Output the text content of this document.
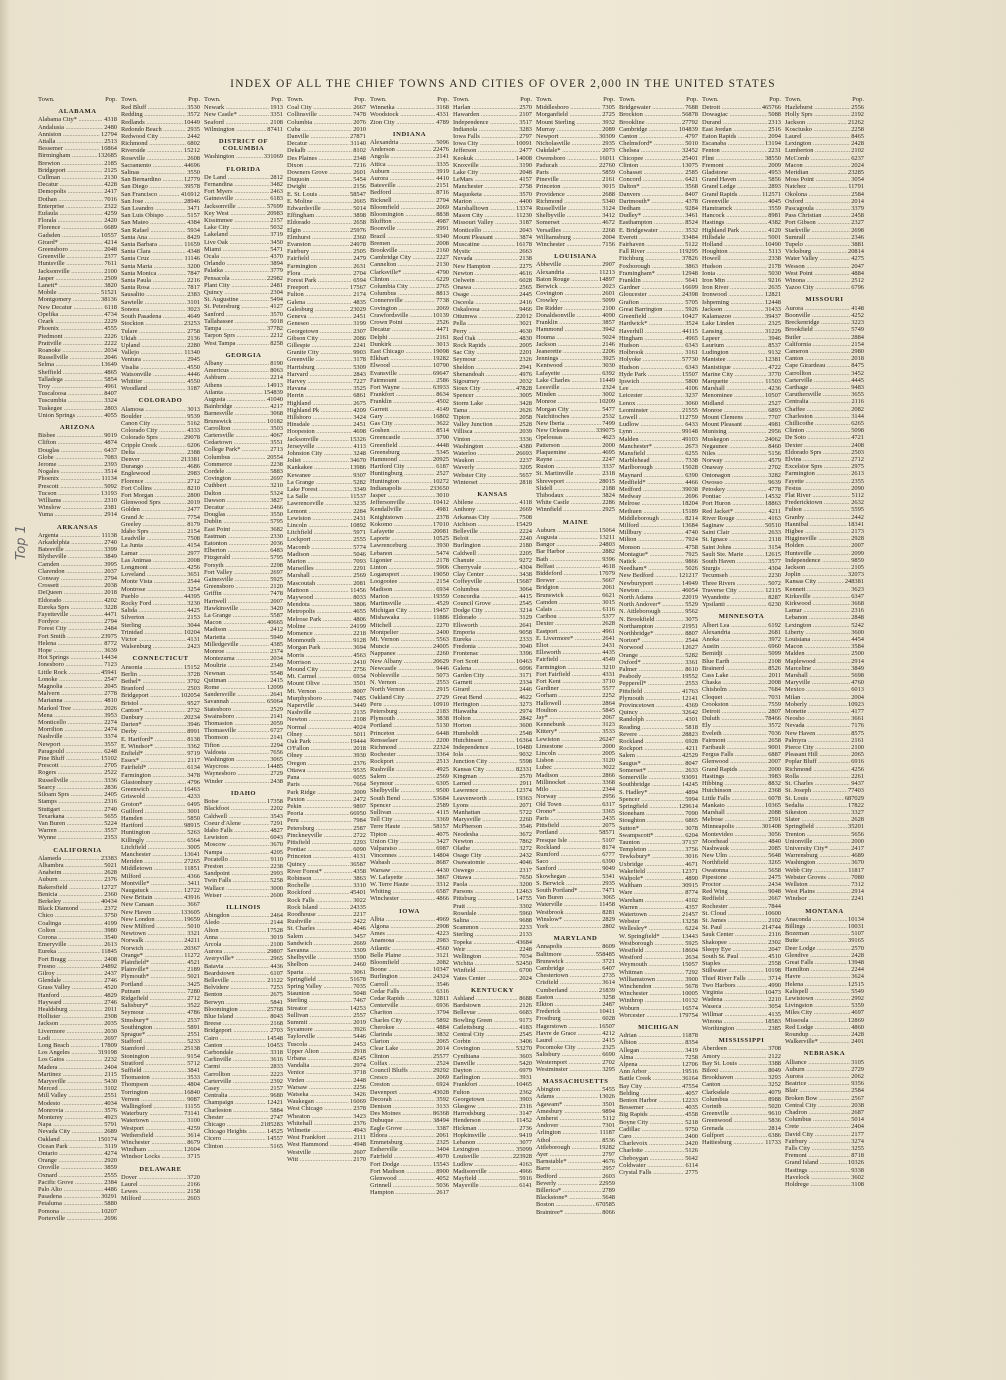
INDEX OF ALL THE CHIEF TOWNS AND CITIES OF OVER 2,000 IN THE UNITED STATES
Top 1
Town.	Pop.
ALABAMA
Alabama City* .....	4318
Andalusia .....	2480
Anniston .....	12794
Attalla .....	2513
Bessemer .....	10864
Birmingham .....	132685
Brewton .....	2185
Bridgeport .....	2125
Cullman .....	2130
Decatur .....	4228
Demopolis .....	2417
Dothan .....	7016
Enterprise .....	2322
Eufaula .....	4259
Florala .....	2420
Florence .....	6689
Gadsden .....	10557
Girard* .....	4214
Greensboro .....	2048
Greenville .....	2377
Huntsville .....	7611
Jacksonville .....	2100
Jasper .....	2509
Lanett* .....	3820
Mobile .....	51521
Montgomery .....	38136
New Decatur .....	6118
Opelika .....	4734
Ozark .....	2229
Phoenix .....	4555
Piedmont .....	2226
Prattville .....	2222
Roanoke .....	2034
Russellville .....	2046
Selma .....	13649
Sheffield .....	4865
Talladega .....	5854
Troy .....	4961
Tuscaloosa .....	8407
Tuscumbia .....	3324
Tuskegee .....	2803
Union Springs .....	4055
ARIZONA
Bisbee .....	9019
Clifton .....	4874
Douglas .....	6437
Globe .....	7083
Jerome .....	2393
Nogales .....	3514
Phoenix .....	11134
Prescott .....	5092
Tucson .....	13193
Williams .....	2310
Winslow .....	2381
Yuma .....	2914
ARKANSAS
Argenta .....	11138
Arkadelphia .....	2740
Batesville .....	3399
Blytheville .....	3849
Camden .....	3995
Clarendon .....	2037
Conway .....	2794
Crossett .....	2038
DeQueen .....	2018
Eldorado .....	4202
Eureka Sprs .....	3228
Fayetteville .....	4471
Fordyce .....	2794
Forest City .....	2484
Fort Smith .....	23975
Helena .....	8772
Hope .....	3639
Hot Springs .....	14434
Jonesboro .....	7123
Little Rock .....	45941
Lonoke .....	2547
Magnolia .....	2045
Malvern .....	2778
Marianna .....	4810
Marked Tree .....	2026
Mena .....	3953
Monticello .....	2274
Morrilton .....	2474
Nashville .....	3374
Newport .....	3557
Paragould .....	6248
Pine Bluff .....	15102
Prescott .....	2705
Rogers .....	2522
Russellville .....	3336
Searcy .....	2836
Siloam Sprs .....	2405
Stamps .....	2316
Stuttgart .....	2740
Texarkana .....	5655
Van Buren .....	5224
Warren .....	3557
Wynne .....	2353
CALIFORNIA
Alameda .....	23383
Alhambra .....	5021
Anaheim .....	2628
Auburn .....	2376
Bakersfield .....	12727
Benicia .....	2360
Berkeley .....	40434
Black Diamond .....	2372
Chico .....	3750
Coalinga .....	4199
Colton .....	3980
Corona .....	3540
Emeryville .....	2613
Eureka .....	11845
Fort Bragg .....	2408
Fresno .....	24892
Gilroy .....	2437
Glendale .....	2746
Grass Valley .....	4520
Hanford .....	4829
Hayward .....	2746
Healdsburg .....	2011
Hollister .....	2308
Jackson .....	2035
Livermore .....	2030
Lodi .....	2697
Long Beach .....	17809
Los Angeles .....	319198
Los Gatos .....	2232
Madera .....	2404
Martinez .....	2115
Marysville .....	5430
Merced .....	3102
Mill Valley .....	2551
Modesto .....	4034
Monrovia .....	3576
Monterey .....	4923
Napa .....	5791
Nevada City .....	2689
Oakland .....	150174
Ocean Park .....	3119
Ontario .....	4274
Orange .....	2920
Oroville .....	3859
Oxnard .....	2555
Pacific Grove .....	2384
Palo Alto .....	4486
Pasadena .....	30291
Petaluma .....	5880
Pomona .....	10207
Porterville .....	2696
Town.	Pop.
Red Bluff .....	3530
Redding .....	3572
Redlands .....	10449
Redondo Beach .....	2935
Redwood City .....	2442
Richmond .....	6802
Riverside .....	15212
Roseville .....	2608
Sacramento .....	44696
Salinas .....	3550
San Bernardino .....	12779
San Diego .....	39578
San Francisco .....	416912
San Jose .....	28946
San Leandro .....	3471
San Luis Obispo .....	5157
San Mateo .....	4384
San Rafael .....	5934
Santa Ana .....	8429
Santa Barbara .....	11659
Santa Clara .....	4348
Santa Cruz .....	11146
Santa Maria .....	3200
Santa Monica .....	7847
Santa Paula .....	2216
Santa Rosa .....	7817
Sausalito .....	2383
Sawtelle .....	3101
Sonora .....	3023
South Pasadena .....	4649
Stockton .....	23253
Tulare .....	2758
Ukiah .....	2136
Upland .....	2280
Vallejo .....	11340
Ventura .....	2945
Visalia .....	4550
Watsonville .....	4446
Whittier .....	4550
Woodland .....	3187
COLORADO
Alamosa .....	3013
Boulder .....	9539
Canon City .....	5162
Colorado City .....	4333
Colorado Sprs .....	29078
Cripple Creek .....	6206
Delta .....	2388
Denver .....	213381
Durango .....	4686
Englewood .....	2983
Florence .....	2712
Fort Collins .....	8210
Fort Morgan .....	2800
Glenwood Sprs .....	2019
Golden .....	2477
Grand Jc .....	7754
Greeley .....	8179
Idaho Sprs .....	2154
Leadville .....	7508
La Junta .....	4154
Lamar .....	2977
Las Animas .....	2008
Longmont .....	4256
Loveland .....	3651
Monte Vista .....	2544
Montrose .....	3254
Pueblo .....	44395
Rocky Ford .....	3230
Salida .....	4425
Silverton .....	2153
Sterling .....	3044
Trinidad .....	10204
Victor .....	4131
Walsenburg .....	2423
CONNECTICUT
Ansonia .....	15152
Berlin .....	3728
Bethel* .....	3792
Branford .....	2503
Bridgeport .....	102054
Bristol .....	9527
Canton* .....	2732
Danbury .....	20234
Darien* .....	3946
Derby .....	8991
E. Hartford* .....	8138
E. Windsor* .....	3362
Enfield* .....	9719
Essex* .....	2117
Fairfield* .....	6134
Farmington .....	3478
Glastonbury .....	4796
Greenwich .....	16463
Griswold .....	4233
Groton* .....	6495
Guilford .....	3001
Hamden .....	5850
Hartford .....	98915
Huntington .....	5263
Killingly .....	6564
Litchfield .....	3005
Manchester .....	13641
Meriden .....	27265
Middletown .....	11851
Milford .....	4366
Montville* .....	3411
Naugatuck .....	12722
New Britain .....	43916
New Canaan .....	3667
New Haven .....	133605
New London .....	19659
New Milford .....	5010
Newtown .....	3321
Norwalk .....	24211
Norwich .....	20367
Orange* .....	11272
Plainfield* .....	4521
Plainville* .....	2189
Plymouth* .....	5021
Portland .....	3425
Putnam .....	7280
Ridgefield .....	2712
Salisbury* .....	3522
Seymour .....	4786
Simsbury* .....	2537
Southington .....	5891
Sprague* .....	2551
Stafford .....	5233
Stamford .....	25138
Stonington .....	9154
Stratford .....	5712
Suffield .....	3841
Thomaston .....	3533
Thompson .....	4804
Torrington .....	16840
Vernon .....	9087
Wallingford .....	11155
Waterbury .....	73141
Watertown .....	3100
Westport .....	4259
Wethersfield .....	3614
Winchester .....	8679
Windham .....	12604
Windsor Locks .....	3715
DELAWARE
Dover .....	3720
Laurel .....	2166
Lewes .....	2158
Milford .....	2603
Town.	Pop.
Newark .....	1913
New Castle* .....	3351
Seaford .....	2108
Wilmington .....	87411
DISTRICT OF COLUMBIA
Washington .....	331069
FLORIDA
De Land .....	2812
Fernandina .....	3482
Fort Myers .....	2463
Gainesville .....	6183
Jacksonville .....	57699
Key West .....	20983
Kissimmee .....	2157
Lake City .....	5032
Lakeland .....	3719
Live Oak .....	3450
Miami .....	5471
Ocala .....	4370
Orlando .....	3894
Palatka .....	3779
Pensacola .....	22982
Plant City .....	2481
Quincy .....	2304
St. Augustine .....	5494
St. Petersburg .....	4127
Sanford .....	3570
Tallahassee .....	5018
Tampa .....	37782
Tarpon Sprs .....	2212
West Tampa .....	8258
GEORGIA
Albany .....	8190
Americus .....	8063
Ashburn .....	2214
Athens .....	14913
Atlanta .....	154839
Augusta .....	41040
Bainbridge .....	4217
Barnesville .....	3068
Brunswick .....	10182
Carrollton .....	3503
Cartersville .....	4067
Cedartown .....	3551
College Park* .....	2713
Columbus .....	20554
Commerce .....	2238
Cordele .....	5883
Covington .....	2697
Cuthbert .....	3210
Dalton .....	5324
Dawson .....	3827
Decatur .....	2466
Douglas .....	3550
Dublin .....	5795
East Point .....	3682
Eastman .....	2330
Eatonton .....	2036
Elberton .....	6483
Fitzgerald .....	5795
Forsyth .....	2298
Fort Valley .....	2697
Gainesville .....	5925
Greensboro .....	2120
Griffin .....	7478
Hartwell .....	2007
Hawkinsville .....	3420
La Grange .....	5587
Macon .....	40665
Madison .....	2412
Marietta .....	5949
Milledgeville .....	4385
Monroe .....	2374
Montezuma .....	2034
Moultrie .....	2349
Newnan .....	5548
Quitman .....	2415
Rome .....	12099
Sandersville .....	2641
Savannah .....	65064
Statesboro .....	2529
Swainsboro .....	2141
Thomaston .....	2059
Thomasville .....	6727
Thomson .....	2141
Tifton .....	2294
Valdosta .....	7656
Washington .....	3065
Waycross .....	14485
Waynesboro .....	2729
Winder .....	2438
IDAHO
Boise .....	17358
Blackfoot .....	2202
Caldwell .....	3543
Coeur d'Alene .....	7291
Idaho Falls .....	4827
Lewiston .....	6043
Moscow .....	3670
Nampa .....	4205
Pocatello .....	9110
Preston .....	2238
Sandpoint .....	2993
Twin Falls .....	5258
Wallace .....	3000
Weiser .....	2600
ILLINOIS
Abingdon .....	2464
Aledo .....	2144
Alton .....	17528
Anna .....	3019
Arcola .....	2100
Aurora .....	29807
Averyville* .....	2965
Batavia .....	4436
Beardstown .....	6107
Belleville .....	21122
Belvidere .....	7253
Benton .....	2675
Berwyn .....	5841
Bloomington .....	25768
Blue Island .....	8043
Breese .....	2168
Bridgeport .....	2703
Cairo .....	14548
Canton .....	10453
Carbondale .....	3318
Carlinville .....	3616
Carmi .....	2833
Carrollton .....	2223
Carterville .....	2392
Casey .....	2157
Centralia .....	9680
Champaign .....	12421
Charleston .....	5884
Chester .....	2747
Chicago .....	2185283
Chicago Heights .....	14525
Cicero .....	14557
Clinton .....	5165
Town.	Pop.
Coal City .....	2667
Collinsville .....	7478
Columbia .....	2076
Cuba .....	2010
Danville .....	27871
Decatur .....	31140
Dekalb .....	8102
Des Plaines .....	2348
Dixon .....	7216
Downers Grove .....	2601
Duquoin .....	5454
Dwight .....	2156
E. St. Louis .....	58547
E. Moline .....	2665
Edwardsville .....	5014
Effingham .....	3898
Eldorado .....	2658
Elgin .....	25976
Elmhurst .....	2360
Evanston .....	24978
Fairbury .....	2505
Fairfield .....	2479
Farmington .....	2631
Flora .....	2704
Forest Park .....	6594
Freeport .....	17567
Fulton .....	2174
Galena .....	4835
Galesburg .....	23029
Geneva .....	2451
Geneseo .....	3199
Georgetown .....	2307
Gibson City .....	2086
Gillespie .....	2241
Granite City .....	9903
Greenville .....	3178
Harrisburg .....	5309
Harvard .....	2843
Harvey .....	7227
Havana .....	3525
Herrin .....	6861
Highland .....	2675
Highland Pk .....	4209
Hillsboro .....	3424
Hinsdale .....	2451
Hoopeston .....	4698
Jacksonville .....	15326
Jerseyville .....	4113
Johnston City .....	3248
Joliet .....	34670
Kankakee .....	13986
Kewanee .....	9307
La Grange .....	5282
Lake Forest .....	3349
La Salle .....	11537
Lawrenceville .....	3235
Lemont .....	2284
Lewiston .....	2431
Lincoln .....	10892
Litchfield .....	5971
Lockport .....	2555
Macomb .....	5774
Madison .....	5046
Marion .....	7093
Marseilles .....	2291
Marshall .....	2569
Mascoutah .....	2081
Mattoon .....	11456
Maywood .....	8033
Mendota .....	3806
Metropolis .....	4655
Melrose Park .....	4806
Moline .....	24199
Momence .....	2218
Monmouth .....	9128
Morgan Park .....	3694
Morris .....	4563
Morrison .....	2410
Mound City .....	2756
Mt. Carmel .....	6934
Mount Olive .....	3501
Mt. Vernon .....	8007
Murphysboro .....	7485
Naperville .....	3449
Nashville .....	2135
Newton .....	2108
Normal .....	4024
Olney .....	5011
Oak Park .....	19444
O'Fallon .....	2018
Olney .....	3930
Oregon .....	2376
Ottawa .....	9535
Pana .....	6055
Paris .....	7664
Park Ridge .....	2009
Paxton .....	2472
Pekin .....	9897
Peoria .....	66950
Peru .....	7984
Petersburg .....	2587
Pinckneyville .....	2722
Pittsfield .....	2293
Pontiac .....	6090
Princeton .....	4131
Quincy .....	36587
River Forest* .....	4358
Robinson .....	3863
Rochelle .....	3310
Rockford .....	45401
Rock Falls .....	3022
Rock Island .....	24335
Roodhouse .....	2217
Rushville .....	2422
St. Charles .....	4046
Salem .....	3457
Sandwich .....	2669
Savanna .....	3309
Shelbyville .....	3590
Shelbon .....	2460
Sparta .....	3061
Springfield .....	51678
Spring Valley .....	7035
Staunton .....	5048
Sterling .....	7467
Streator .....	14253
Sullivan .....	2557
Summit .....	2019
Sycamore .....	3926
Taylorville .....	5446
Tuscola .....	2453
Upper Alton .....	2918
Urbana .....	8245
Vandalia .....	2974
Venice .....	3718
Virden .....	2448
Warsaw .....	2256
Watseka .....	3426
Waukegan .....	16069
West Chicago .....	2378
Wheaton .....	3423
Whitehall .....	2376
Wilmette .....	4943
West Frankfort .....	2111
West Hammond .....	4948
Westville .....	2607
Witt .....	2170
Town.	Pop.
Winnetka .....	3168
Woodstock .....	4331
Zion City .....	4789
INDIANA
Alexandria .....	5096
Anderson .....	22476
Angola .....	2141
Attica .....	3335
Auburn .....	3919
Aurora .....	4410
Batesville .....	2151
Bedford .....	8716
Bicknell .....	2794
Bloomfield .....	2069
Bloomington .....	8838
Bluffton .....	4987
Boonville .....	2991
Brazil .....	9340
Bremen .....	2008
Brookville .....	2160
Cambridge City .....	2227
Cannelton .....	2130
Clarksville* .....	4790
Clinton .....	6229
Columbia City .....	2765
Columbus .....	8813
Connersville .....	7738
Covington .....	2069
Crawfordsville .....	10139
Crown Point .....	2526
Decatur .....	4471
Delphi .....	2161
Dunkirk .....	3013
East Chicago .....	19098
Elkhart .....	19282
Elwood .....	10790
Evansville .....	69647
Fairmount .....	2586
Fort Wayne .....	63933
Frankfort .....	8634
Franklin .....	4502
Garrett .....	4149
Gary .....	16802
Gas City .....	3622
Goshen .....	8514
Greencastle .....	3790
Greenfield .....	4448
Greensburg .....	5345
Hammond .....	20925
Hartford City .....	6187
Huntingburg .....	2527
Huntington .....	10272
Indianapolis .....	233650
Jasper .....	3010
Jeffersonville .....	10412
Kendallville .....	4981
Knightstown .....	2378
Kokomo .....	17010
Lafayette .....	20081
Laporte .....	10525
Lawrenceburg .....	3930
Lebanon .....	5474
Ligonier .....	2178
Linton .....	5906
Logansport .....	19050
Loogootee .....	2154
Madison .....	6934
Marion .....	19359
Martinsville .....	4529
Michigan City .....	19457
Mishawaka .....	11886
Mitchell .....	2270
Montpelier .....	2400
Mt. Vernon .....	5563
Muncie .....	24005
Nappanee .....	2260
New Albany .....	20629
Newcastle .....	9446
Noblesville .....	5073
N. Vernon .....	2553
North Vernon .....	2915
Oakland City .....	2729
Peru .....	10910
Petersburg .....	2183
Plymouth .....	3838
Portland .....	5130
Princeton .....	6448
Rensselaer .....	2200
Richmond .....	22324
Rochester .....	3364
Rockport .....	2513
Rushville .....	4925
Salem .....	2569
Seymour .....	6305
Shelbyville .....	9500
South Bend .....	53684
Spencer .....	2589
Sullivan .....	4115
Tell City .....	3369
Terre Haute .....	58157
Tipton .....	4075
Union City .....	3427
Valparaiso .....	6987
Vincennes .....	14804
Wabash .....	8687
Warsaw .....	4430
W. Lafayette .....	3867
W. Terre Haute .....	3312
Whiting .....	6587
Winchester .....	4866
IOWA
Albia .....	4969
Algona .....	2908
Ames .....	4223
Anamosa .....	2983
Atlantic .....	4560
Belle Plaine .....	3121
Bloomfield .....	2082
Boone .....	10347
Burlington .....	24324
Carroll .....	3546
Cedar Falls .....	6316
Cedar Rapids .....	32811
Centerville .....	6936
Chariton .....	3794
Charles City .....	5892
Cherokee .....	4884
Clarinda .....	3832
Clarion .....	2065
Clear Lake .....	2014
Clinton .....	25577
Colfax .....	2524
Council Bluffs .....	29292
Cresco .....	2069
Creston .....	6924
Davenport .....	43028
Decorah .....	3592
Denison .....	3133
Des Moines .....	86368
Dubuque .....	38494
Eagle Grove .....	3387
Eldora .....	2061
Emmetsburg .....	2325
Estherville .....	3404
Fairfield .....	4970
Fort Dodge .....	15543
Fort Madison .....	8900
Glenwood .....	4052
Grinnell .....	5036
Hampton .....	2617
Town.	Pop.
Harlan .....	2570
Hawarden .....	2107
Independence .....	3517
Indianola .....	3283
Iowa Falls .....	2797
Iowa City .....	10091
Jefferson .....	2477
Keokuk .....	14008
Knoxville .....	3190
Lake City .....	2048
LeMars .....	4157
Manchester .....	2758
Maquoketa .....	3570
Marion .....	4400
Marshalltown .....	13374
Mason City .....	11230
Missouri Valley .....	3187
Monticello .....	2043
Mount Pleasant .....	3874
Muscatine .....	16178
Mystic .....	2663
Nevada .....	2138
New Hampton .....	2275
Newton .....	4616
Oelwein .....	6028
Onawa .....	2565
Osage .....	2445
Osceola .....	2416
Oskaloosa .....	9466
Ottumwa .....	22012
Pella .....	3021
Perry .....	4630
Red Oak .....	4830
Rock Rapids .....	2005
Sac City .....	2201
Seymour .....	2326
Sheldon .....	2941
Shenandoah .....	4976
Sigourney .....	2032
Sioux City .....	47828
Spencer .....	3005
Storm Lake .....	3428
Tama .....	2626
Tipton .....	2058
Valley Junction .....	2528
Villisca .....	2039
Vinton .....	3336
Washington .....	4380
Waterloo .....	26693
Waukon .....	2237
Waverly .....	3205
Webster City .....	5657
Winterset .....	2818
KANSAS
Abilene .....	4118
Anthony .....	2669
Arkansas City .....	7508
Atchison .....	15429
Belleville .....	2224
Beloit .....	2240
Burlington .....	2180
Caldwell .....	2205
Chanute .....	9272
Cherryvale .....	4304
Clay Center .....	3438
Coffeyville .....	15687
Columbus .....	3064
Concordia .....	4415
Council Grove .....	2545
Dodge City .....	3214
Eldorado .....	3129
Ellsworth .....	2641
Emporia .....	9058
Eureka .....	2333
Fredonia .....	3040
Frontenac .....	3396
Fort Scott .....	10463
Galena .....	6096
Garden City .....	3171
Garnett .....	2334
Girard .....	2446
Great Bend .....	4622
Herington .....	3273
Hiawatha .....	2974
Holton .....	2842
Horton .....	3600
Humboldt .....	2548
Hutchinson .....	16364
Independence .....	10480
Iola .....	9032
Junction City .....	5598
Kansas City .....	82331
Kingman .....	2570
Larned .....	2911
Lawrence .....	12374
Leavenworth .....	19363
Lyons .....	2071
Manhattan .....	5722
Marysville .....	2260
McPherson .....	3546
Neodesha .....	3672
Newton .....	7862
Olathe .....	3272
Osage City .....	2432
Osawatomie .....	4046
Oswego .....	2317
Ottawa .....	7650
Paola .....	3200
Parsons .....	12463
Pittsburg .....	14755
Pratt .....	3302
Rosedale .....	5960
Salina .....	9688
Scammon .....	2233
Sterling .....	2133
Topeka .....	43684
Weir .....	2248
Wellington .....	7034
Wichita .....	52450
Winfield .....	6700
Yates Center .....	2024
KENTUCKY
Ashland .....	8688
Bardstown .....	2126
Bellevue .....	6683
Bowling Green .....	9173
Catlettsburg .....	4183
Central City .....	2545
Corbin .....	3406
Covington .....	53270
Cynthiana .....	3603
Danville .....	5420
Dayton .....	6979
Earlington .....	3931
Frankfort .....	10465
Fulton .....	2362
Georgetown .....	3903
Glasgow .....	2316
Harrodsburg .....	3147
Henderson .....	11452
Hickman .....	2736
Hopkinsville .....	9419
Lebanon .....	3077
Lexington .....	35099
Louisville .....	223928
Ludlow .....	4163
Madisonville .....	4966
Mayfield .....	5916
Maysville .....	6141
Town.	Pop.
Middlesboro .....	7305
Morganfield .....	2725
Mount Sterling .....	3932
Murray .....	2089
Newport .....	30309
Nicholasville .....	2935
Oakdale* .....	2073
Owensboro .....	16011
Paducah .....	22760
Paris .....	5859
Pineville .....	2161
Princeton .....	3015
Providence .....	2688
Richmond .....	5340
Russellville .....	3124
Shelbyville .....	3412
Somerset .....	4672
Versailles .....	2268
Williamsburg .....	2004
Winchester .....	7156
LOUISIANA
Abbeville .....	2907
Alexandria .....	11213
Baton Rouge .....	14897
Berwick .....	2023
Covington .....	2601
Crowley .....	5099
De Ridder .....	2100
Donaldsonville .....	4090
Franklin .....	3857
Hammond .....	3942
Houma .....	5024
Jackson .....	2146
Jeanerette .....	2206
Jennings .....	3925
Kentwood .....	3030
Lafayette .....	6392
Lake Charles .....	11449
Leesville .....	2324
Minden .....	3002
Monroe .....	10209
Morgan City .....	5477
Natchitoches .....	2532
New Iberia .....	7499
New Orleans .....	339075
Opelousas .....	4623
Patterson .....	2000
Plaquemine .....	4695
Rayne .....	2247
Ruston .....	3337
St. Martinville .....	2318
Shreveport .....	28015
Slidell .....	2188
Thibodaux .....	3824
White Castle .....	2286
Winnfield .....	2925
MAINE
Auburn .....	15064
Augusta .....	13211
Bangor .....	24803
Bar Harbor .....	2882
Bath .....	9396
Belfast .....	4618
Biddeford .....	17079
Brewer .....	5667
Bridgton .....	2061
Brunswick .....	6621
Camden .....	3015
Calais .....	6116
Caribou .....	5377
Dexter .....	2628
Eastport .....	4961
E. Livermore* .....	2641
Eliot .....	2431
Ellsworth .....	4435
Fairfield .....	4549
Farmington .....	3210
Fort Fairfield .....	4331
Fort Kent .....	3710
Gardiner .....	5577
Gorham .....	2252
Hallowell .....	2864
Houlton .....	5845
Jay* .....	2067
Kennebunk .....	3123
Kittery* .....	3533
Lewiston .....	26247
Limestone .....	2000
Lincoln .....	2005
Lisbon .....	3120
Lubec .....	3022
Madison .....	2866
Millinocket .....	3368
Milo .....	2344
Norway .....	2956
Old Town .....	6317
Orono* .....	3365
Paris .....	2435
Pittsfield .....	2075
Portland .....	58571
Presque Isle .....	5107
Rockland .....	8174
Rumford .....	6777
Saco .....	6390
Sanford .....	9049
Skowhegan .....	5341
S. Berwick .....	2935
South Portland* .....	7471
Van Buren .....	3065
Waterville .....	11458
Westbrook .....	8281
Winslow* .....	2829
York .....	2802
MARYLAND
Annapolis .....	8609
Baltimore .....	558485
Brunswick .....	3721
Cambridge .....	6407
Chestertown .....	2735
Crisfield .....	3614
Cumberland .....	21839
Easton .....	3258
Elkton .....	2487
Frederick .....	10411
Frostburg .....	6028
Hagerstown .....	16507
Havre de Grace .....	4212
Laurel .....	2415
Pocomoke City .....	2325
Salisbury .....	6690
Westernport .....	2702
Westminster .....	3295
MASSACHUSETTS
Abington .....	5455
Adams .....	13026
Agawam* .....	3501
Amesbury .....	9894
Amherst .....	5112
Andover .....	7301
Arlington .....	11187
Athol .....	8536
Attleborough .....	19282
Ayer .....	2797
Barnstable* .....	4676
Barre .....	2957
Bedford .....	2603
Beverly .....	22959
Billerica* .....	2789
Blackstone* .....	5648
Boston .....	670585
Braintree* .....	8066
Town.	Pop.
Bridgewater .....	7688
Brockton .....	56878
Brookline .....	27792
Cambridge .....	104839
Canton .....	4797
Chelmsford* .....	5010
Chelsea .....	32452
Chicopee .....	25401
Clinton .....	13075
Cohasset .....	2585
Concord .....	6421
Dalton* .....	3568
Danvers .....	8407
Dartmouth* .....	4378
Dedham .....	9284
Dudley* .....	3461
Easthampton .....	8524
E. Bridgewater .....	3532
Everett .....	33484
Fairhaven .....	5122
Fall River .....	119295
Fitchburg .....	37826
Foxborough .....	3863
Framingham* .....	12948
Franklin .....	5641
Gardner .....	16699
Gloucester .....	24398
Grafton .....	5705
Great Barrington .....	5926
Greenfield .....	10427
Hardwick* .....	3524
Haverhill .....	44115
Hingham .....	4965
Hudson .....	6343
Holbrook .....	3161
Holyoke .....	57730
Hudson .....	6343
Hyde Park .....	15507
Ipswich .....	5800
Lee .....	4106
Leicester .....	3237
Lenox .....	3060
Leominster .....	21555
Lowell .....	112759
Ludlow .....	6433
Lynn .....	99148
Malden .....	49103
Manchester* .....	2673
Mansfield .....	6255
Marblehead .....	7338
Marlborough .....	15028
Maynard .....	6390
Medfield* .....	4466
Medford .....	39038
Medway .....	2696
Melrose .....	18204
Methuen .....	15189
Middleborough .....	8214
Milford .....	13684
Millbury .....	4740
Milton .....	7924
Monson .....	4758
Montague* .....	7925
Natick .....	9866
Needham* .....	5026
New Bedford .....	121217
Newburyport .....	14949
Newton .....	46054
North Adams .....	22019
North Andover* .....	5529
N. Attleborough .....	9562
N. Brookfield .....	3075
Northampton .....	21951
Northbridge* .....	8807
Norton* .....	2544
Norwood .....	12627
Orange .....	5282
Oxford* .....	3361
Palmer .....	8610
Peabody .....	19552
Pepperell* .....	2553
Pittsfield .....	41763
Plymouth .....	12141
Provincetown .....	4369
Quincy .....	32642
Randolph .....	4301
Reading .....	5818
Revere .....	28823
Rockland .....	6928
Rockport .....	4211
Salem .....	42529
Saugus* .....	8047
Somerset* .....	2633
Somerville .....	93091
Southbridge .....	14245
S. Hadley* .....	4894
Spencer .....	5994
Springfield .....	129614
Stoneham .....	7090
Stoughton .....	6865
Sutton* .....	3078
Swampscott* .....	6204
Taunton .....	37137
Templeton .....	3756
Tewksbury* .....	3016
Uxbridge .....	4671
Wakefield .....	12371
Walpole* .....	4890
Waltham .....	30915
Ware .....	8774
Wareham .....	4102
Warren .....	4357
Watertown .....	21457
Webster .....	13258
Wellesley* .....	6224
W. Springfield* .....	13443
Westborough .....	5925
Westfield .....	18604
Westford .....	2634
Weymouth .....	15057
Whitman .....	7292
Williamstown .....	3900
Winchendon .....	5678
Winchester .....	10005
Winthrop .....	10132
Woburn .....	16574
Worcester .....	179754
MICHIGAN
Adrian .....	11878
Albion .....	8354
Allegan .....	3419
Alma .....	7258
Alpena .....	12706
Ann Arbor .....	19516
Battle Creek .....	36164
Bay City .....	47554
Belding .....	4057
Benton Harbor .....	12233
Bessemer .....	4035
Big Rapids .....	4558
Boyne City .....	5218
Cadillac .....	9750
Caro .....	2400
Charlevoix .....	2420
Charlotte .....	5126
Cheboygan .....	5642
Coldwater .....	6114
Crystal Falls .....	2775
Town.	Pop.
Detroit .....	465766
Dowagiac .....	5088
Durand .....	2313
East Jordan .....	2516
Eaton Rapids .....	2094
Escanaba .....	13194
Fenton .....	2231
Flint .....	38550
Fremont .....	2009
Gladstone .....	4953
Grand Haven .....	5856
Grand Ledge .....	2893
Grand Rapids .....	112571
Greenville .....	4045
Hamtramck .....	3559
Hancock .....	8981
Hastings .....	4382
Highland Park .....	4120
Hillsdale .....	5001
Holland .....	10490
Houghton .....	5113
Howell .....	2338
Hudson .....	2178
Ionia .....	5030
Iron Mtn .....	9216
Iron River .....	2635
Ironwood .....	12821
Ishpeming .....	12448
Jackson .....	31433
Kalamazoo .....	39437
Lake Linden .....	2325
Lansing .....	31229
Lapeer .....	3946
Laurium .....	8537
Ludington .....	9132
Manistee .....	12381
Manistique .....	4722
Marine City .....	3770
Marquette .....	11503
Marshall .....	4236
Menominee .....	10507
Midland .....	2527
Monroe .....	6893
Mount Clemens .....	7707
Mount Pleasant .....	4981
Munising .....	2956
Muskegon .....	24062
Negaunee .....	8460
Niles .....	5156
Norway .....	4579
Onaway .....	2702
Ontonagon .....	3282
Owosso .....	9639
Petoskey .....	4778
Pontiac .....	14532
Port Huron .....	18863
Red Jacket* .....	4211
River Rouge .....	4163
Saginaw .....	50510
Saint Clair .....	2633
St. Ignace .....	2118
Saint Johns .....	3154
Sault Ste. Marie .....	12615
South Haven .....	3577
Sturgis .....	4304
Tecumseh .....	2230
Three Rivers .....	5072
Traverse City .....	12115
Wyandotte .....	8287
Ypsilanti .....	6230
MINNESOTA
Albert Lea .....	6192
Alexandria .....	2681
Anoka .....	3972
Austin .....	6960
Bemidji .....	5099
Blue Earth .....	2108
Brainerd .....	8526
Cass Lake .....	2011
Chaska .....	2008
Chisholm .....	7684
Cloquet .....	7031
Crookston .....	7559
Detroit .....	2807
Duluth .....	78466
Ely .....	3572
Eveleth .....	7036
Fairmont .....	2658
Faribault .....	9001
Fergus Falls .....	6887
Glenwood .....	2007
Grand Rapids .....	2000
Hastings .....	3983
Hibbing .....	8832
Hutchinson .....	2368
Little Falls .....	6078
Mankato .....	10365
Marshall .....	2088
Melrose .....	2591
Minneapolis .....	301408
Montevideo .....	3056
Moorhead .....	4840
Nashwauk .....	2085
New Ulm .....	5648
Northfield .....	3265
Owatonna .....	5658
Pipestone .....	2475
Proctor .....	2434
Red Wing .....	9048
Redfield .....	2667
Rochester .....	7844
St. Cloud .....	10600
St. James .....	2102
St. Paul .....	214744
Sauk Center .....	2116
Shakopee .....	2302
Sleepy Eye .....	2047
South St. Paul .....	4510
Staples .....	2558
Stillwater .....	10198
Thief River Falls .....	3714
Two Harbors .....	4990
Virginia .....	10473
Wadena .....	2210
Waseca .....	3054
Willmar .....	4135
Winona .....	18583
Worthington .....	2385
MISSISSIPPI
Aberdeen .....	3708
Amory .....	2122
Bay St. Louis .....	3388
Biloxi .....	8049
Brookhaven .....	3293
Canton .....	3252
Clarksdale .....	4079
Columbus .....	8988
Corinth .....	5020
Greenville .....	9610
Greenwood .....	5836
Grenada .....	2814
Gulfport .....	6386
Hattiesburg .....	11733
Town.	Pop.
Hazlehurst .....	2556
Holly Sprs .....	2192
Jackson .....	21262
Kosciusko .....	2258
Laurel .....	8465
Lexington .....	2428
Lumberton .....	2102
McComb .....	6237
Macon .....	2024
Meridian .....	23285
Moss Point .....	3054
Natchez .....	11791
Okolona .....	2584
Oxford .....	2014
Pascagoula .....	3379
Pass Christian .....	2458
Port Gibson .....	2327
Starkville .....	2698
Sumrall .....	2346
Tupelo .....	3881
Vicksburg .....	20814
Water Valley .....	4275
Wesson .....	2047
West Point .....	4884
Winona .....	2512
Yazoo City .....	6796
MISSOURI
Aurora .....	4148
Boonville .....	4252
Breckenridge .....	3223
Brookfield .....	5749
Butler .....	2884
California .....	2154
Cameron .....	2980
Canton .....	2018
Cape Girardeau .....	8475
Carrollton .....	3452
Carterville .....	4445
Carthage .....	9483
Caruthersville .....	3655
Centralia .....	2116
Chaffee .....	2082
Charleston .....	3144
Chillicothe .....	6265
Clinton .....	5098
De Soto .....	4721
Dexter .....	2408
Eldorado Sprs .....	2503
Elvins .....	2712
Excelsior Sprs .....	2975
Farmington .....	2613
Fayette .....	2355
Festus .....	2090
Flat River .....	5112
Fredericktown .....	2632
Fulton .....	5595
Granby .....	2442
Hannibal .....	18341
Higbee .....	2173
Higginsville .....	2928
Holden .....	2007
Huntsville .....	2099
Independence .....	9859
Jackson .....	2105
Joplin .....	32073
Kansas City .....	248381
Kennett .....	3623
Kirksville .....	6347
Kirkwood .....	3668
Lamar .....	2316
Lebanon .....	2848
Lexington .....	5242
Liberty .....	3600
Louisiana .....	4454
Macon .....	3584
Malden .....	2500
Maplewood .....	2914
Marceline .....	3849
Marshall .....	5698
Maryville .....	4760
Mexico .....	6013
Milan .....	2004
Moberly .....	10923
Monette .....	4177
Neosho .....	3661
Nevada .....	7176
New Haven .....	8575
Palmyra .....	2161
Pierce City .....	2100
Pleasant Hill .....	2065
Poplar Bluff .....	6916
Richmond .....	4256
Rolla .....	2261
St. Charles .....	9437
St. Joseph .....	77403
St. Louis .....	687029
Sedalia .....	17822
Sikeston .....	3327
Slater .....	2628
Springfield .....	35201
Trenton .....	5656
Unionville .....	2000
University City* .....	2417
Warrensburg .....	4689
Washington .....	3670
Webb City .....	11817
Webster Groves .....	7080
Wellston .....	7312
West Plains .....	2914
Windsor .....	2241
MONTANA
Anaconda .....	10134
Billings .....	10031
Bozeman .....	5107
Butte .....	39165
Deer Lodge .....	2570
Glendive .....	2428
Great Falls .....	13948
Hamilton .....	2244
Havre .....	3624
Helena .....	12515
Kalispell .....	5549
Lewistown .....	2992
Livingston .....	5359
Miles City .....	4697
Missoula .....	12869
Red Lodge .....	4860
Roundup .....	2428
Walkerville* .....	2491
NEBRASKA
Alliance .....	3105
Auburn .....	2729
Aurora .....	2062
Beatrice .....	9356
Blair .....	2584
Broken Bow .....	2567
Central City .....	2038
Chadron .....	2687
Columbus .....	5014
Crete .....	2404
David City .....	2177
Fairbury .....	3274
Falls City .....	3255
Fremont .....	8718
Grand Island .....	10326
Hastings .....	9338
Havelock .....	3602
Holdrege .....	3108
